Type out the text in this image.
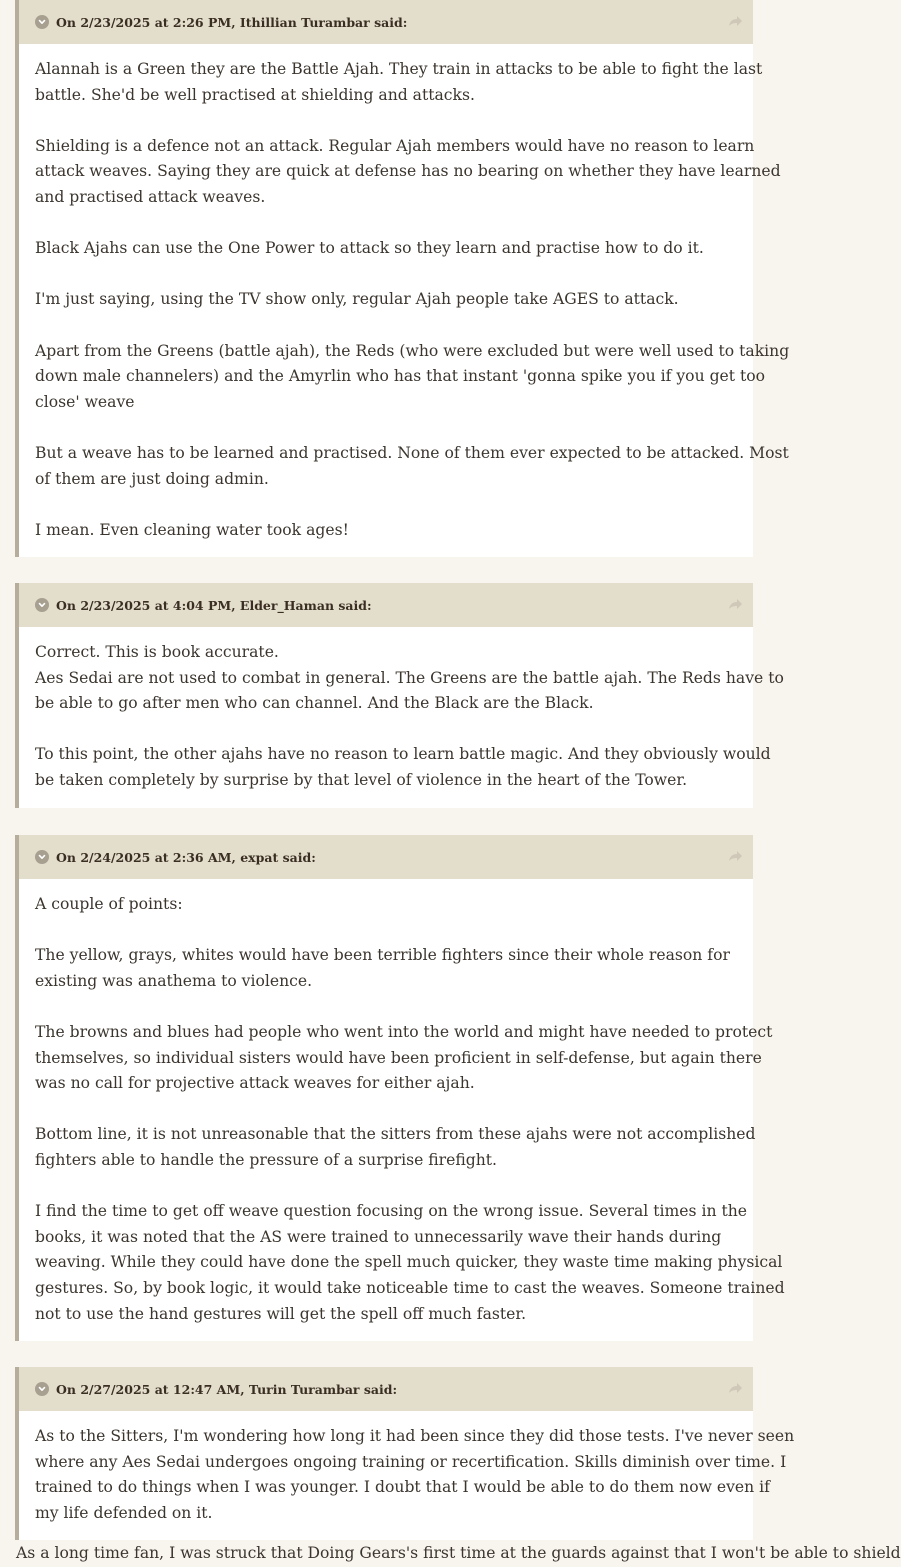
On 2/23/2025 at 2:26 PM, Ithillian Turambar said:

Alannah is a Green they are the Battle Ajah. They train in attacks to be able to fight the last
battle. She'd be well practised at shielding and attacks.

Shielding is a defence not an attack. Regular Ajah members would have no reason to learn
attack weaves. Saying they are quick at defense has no bearing on whether they have learned
and practised attack weaves.

Black Ajahs can use the One Power to attack so they learn and practise how to do it.

I'm just saying, using the TV show only, regular Ajah people take AGES to attack.

Apart from the Greens (battle ajah), the Reds (who were excluded but were well used to taking
down male channelers) and the Amyrlin who has that instant 'gonna spike you if you get too
close' weave

But a weave has to be learned and practised. None of them ever expected to be attacked. Most
of them are just doing admin.

I mean. Even cleaning water took ages!

On 2/23/2025 at 4:04 PM, Elder_Haman said:

Correct. This is book accurate.
Aes Sedai are not used to combat in general. The Greens are the battle ajah. The Reds have to
be able to go after men who can channel. And the Black are the Black.

To this point, the other ajahs have no reason to learn battle magic. And they obviously would
be taken completely by surprise by that level of violence in the heart of the Tower.

On 2/24/2025 at 2:36 AM, expat said:

A couple of points:

The yellow, grays, whites would have been terrible fighters since their whole reason for
existing was anathema to violence.

The browns and blues had people who went into the world and might have needed to protect
themselves, so individual sisters would have been proficient in self-defense, but again there
was no call for projective attack weaves for either ajah.

Bottom line, it is not unreasonable that the sitters from these ajahs were not accomplished
fighters able to handle the pressure of a surprise firefight.

I find the time to get off weave question focusing on the wrong issue. Several times in the
books, it was noted that the AS were trained to unnecessarily wave their hands during
weaving. While they could have done the spell much quicker, they waste time making physical
gestures. So, by book logic, it would take noticeable time to cast the weaves. Someone trained
not to use the hand gestures will get the spell off much faster.

On 2/27/2025 at 12:47 AM, Turin Turambar said:

As to the Sitters, I'm wondering how long it had been since they did those tests. I've never seen
where any Aes Sedai undergoes ongoing training or recertification. Skills diminish over time. I
trained to do things when I was younger. I doubt that I would be able to do them now even if
my life defended on it.

As a long time fan, I was struck that Doing Gears's first time at the guards against that I won't be able to shield
